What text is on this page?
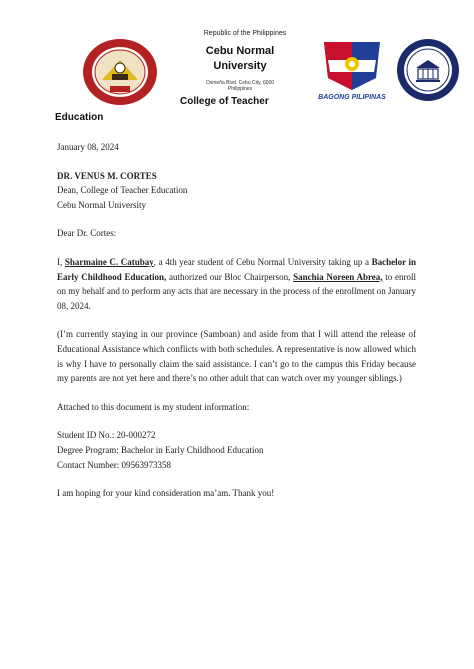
Republic of the Philippines
Cebu Normal
University
Osmeña Blvd. Cebu City, 6000
Philippines
College of Teacher
Education
BAGONG PILIPINAS

January 08, 2024

DR. VENUS M. CORTES

Dean, College of Teacher Education

Cebu Normal University

Dear Dr. Cortes:

I, Sharmaine C. Catubay, a 4th year student of Cebu Normal University taking up a Bachelor in Early Childhood Education, authorized our Bloc Chairperson, Sanchia Noreen Abrea, to enroll on my behalf and to perform any acts that are necessary in the process of the enrollment on January 08, 2024.

(I’m currently staying in our province (Samboan) and aside from that I will attend the release of Educational Assistance which conflicts with both schedules. A representative is now allowed which is why I have to personally claim the said assistance. I can’t go to the campus this Friday because my parents are not yet here and there’s no other adult that can watch over my younger siblings.)

Attached to this document is my student information:

Student ID No.: 20-000272

Degree Program: Bachelor in Early Childhood Education

Contact Number: 09563973358

I am hoping for your kind consideration ma’am. Thank you!
